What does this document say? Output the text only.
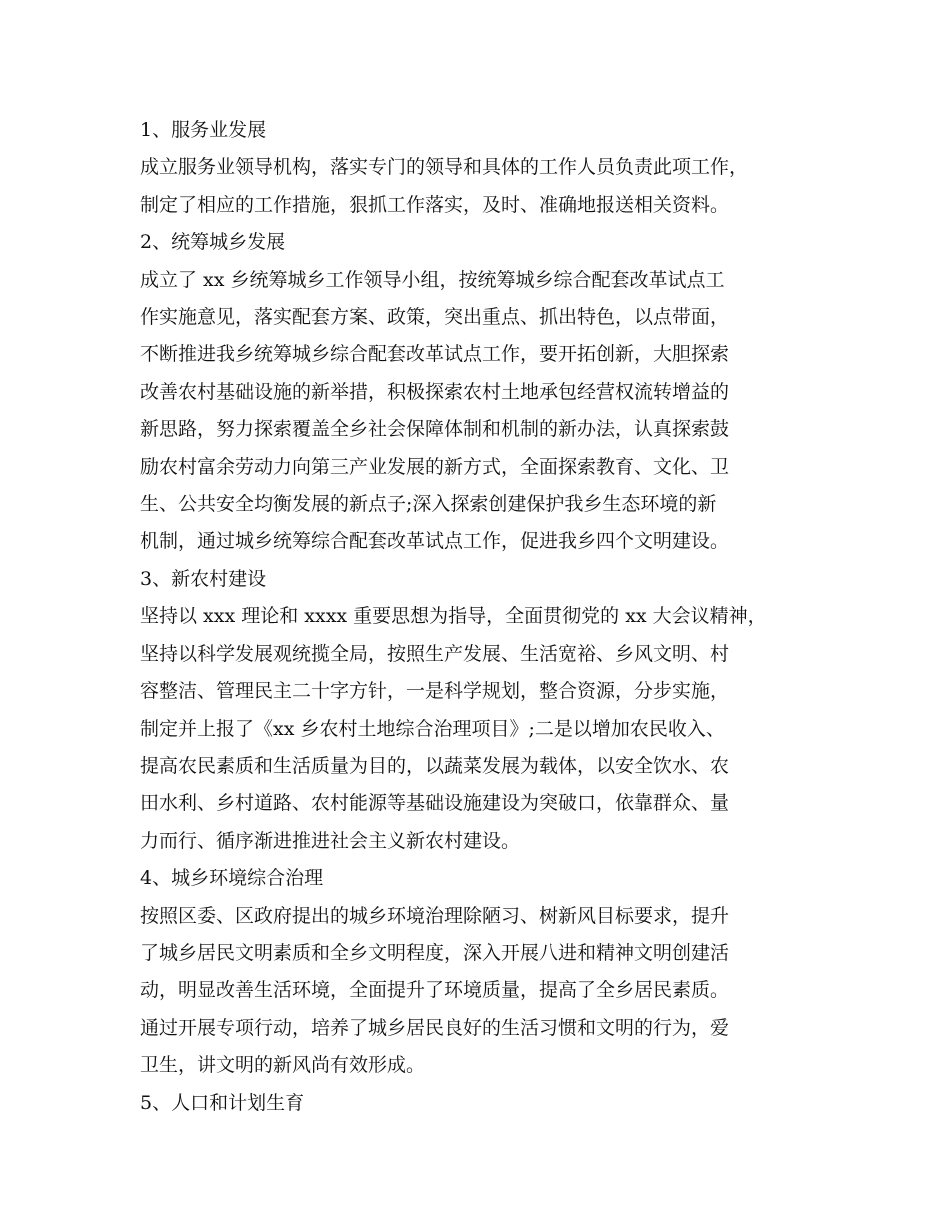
1、服务业发展
成立服务业领导机构，落实专门的领导和具体的工作人员负责此项工作，
制定了相应的工作措施，狠抓工作落实，及时、准确地报送相关资料。
2、统筹城乡发展
成立了 xx 乡统筹城乡工作领导小组，按统筹城乡综合配套改革试点工
作实施意见，落实配套方案、政策，突出重点、抓出特色，以点带面，
不断推进我乡统筹城乡综合配套改革试点工作，要开拓创新，大胆探索
改善农村基础设施的新举措，积极探索农村土地承包经营权流转增益的
新思路，努力探索覆盖全乡社会保障体制和机制的新办法，认真探索鼓
励农村富余劳动力向第三产业发展的新方式，全面探索教育、文化、卫
生、公共安全均衡发展的新点子;深入探索创建保护我乡生态环境的新
机制，通过城乡统筹综合配套改革试点工作，促进我乡四个文明建设。
3、新农村建设
坚持以 xxx 理论和 xxxx 重要思想为指导，全面贯彻党的 xx 大会议精神，
坚持以科学发展观统揽全局，按照生产发展、生活宽裕、乡风文明、村
容整洁、管理民主二十字方针，一是科学规划，整合资源，分步实施，
制定并上报了《xx 乡农村土地综合治理项目》;二是以增加农民收入、
提高农民素质和生活质量为目的，以蔬菜发展为载体，以安全饮水、农
田水利、乡村道路、农村能源等基础设施建设为突破口，依靠群众、量
力而行、循序渐进推进社会主义新农村建设。
4、城乡环境综合治理
按照区委、区政府提出的城乡环境治理除陋习、树新风目标要求，提升
了城乡居民文明素质和全乡文明程度，深入开展八进和精神文明创建活
动，明显改善生活环境，全面提升了环境质量，提高了全乡居民素质。
通过开展专项行动，培养了城乡居民良好的生活习惯和文明的行为，爱
卫生，讲文明的新风尚有效形成。
5、人口和计划生育
